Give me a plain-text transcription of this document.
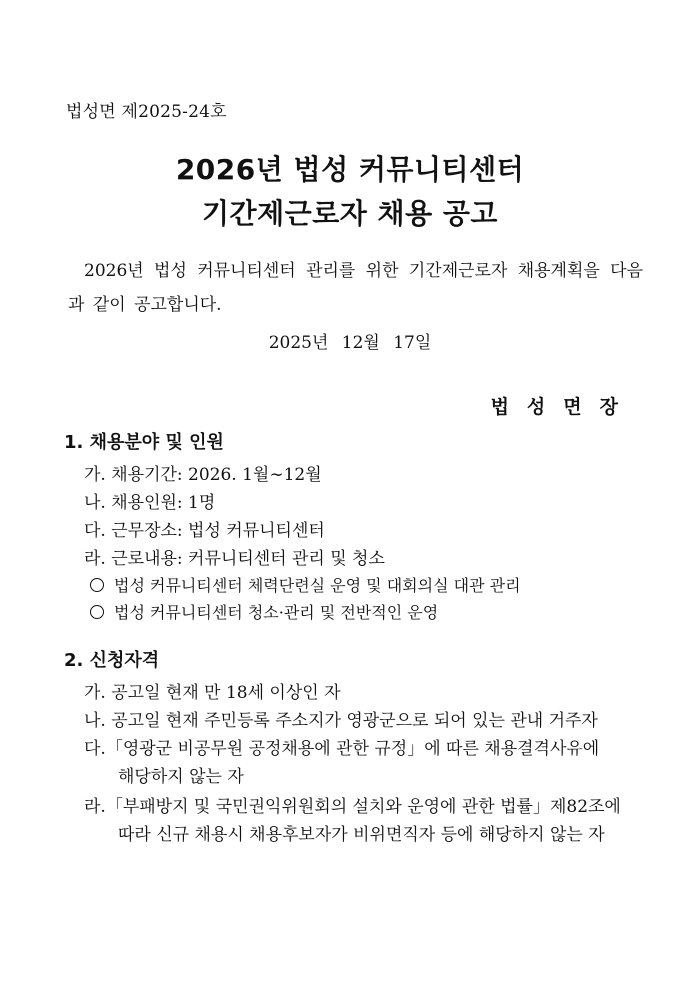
법성면 제2025-24호
2026년 법성 커뮤니티센터
기간제근로자 채용 공고
2026년 법성 커뮤니티센터 관리를 위한 기간제근로자 채용계획을 다음과 같이 공고합니다.
2025년 12월 17일
법성면장
1. 채용분야 및 인원
가. 채용기간: 2026. 1월∼12월
나. 채용인원: 1명
다. 근무장소: 법성 커뮤니티센터
라. 근로내용: 커뮤니티센터 관리 및 청소
법성 커뮤니티센터 체력단련실 운영 및 대회의실 대관 관리
법성 커뮤니티센터 청소·관리 및 전반적인 운영
2. 신청자격
가. 공고일 현재 만 18세 이상인 자
나. 공고일 현재 주민등록 주소지가 영광군으로 되어 있는 관내 거주자
다.「영광군 비공무원 공정채용에 관한 규정」에 따른 채용결격사유에
해당하지 않는 자
라.「부패방지 및 국민권익위원회의 설치와 운영에 관한 법률」제82조에
따라 신규 채용시 채용후보자가 비위면직자 등에 해당하지 않는 자
